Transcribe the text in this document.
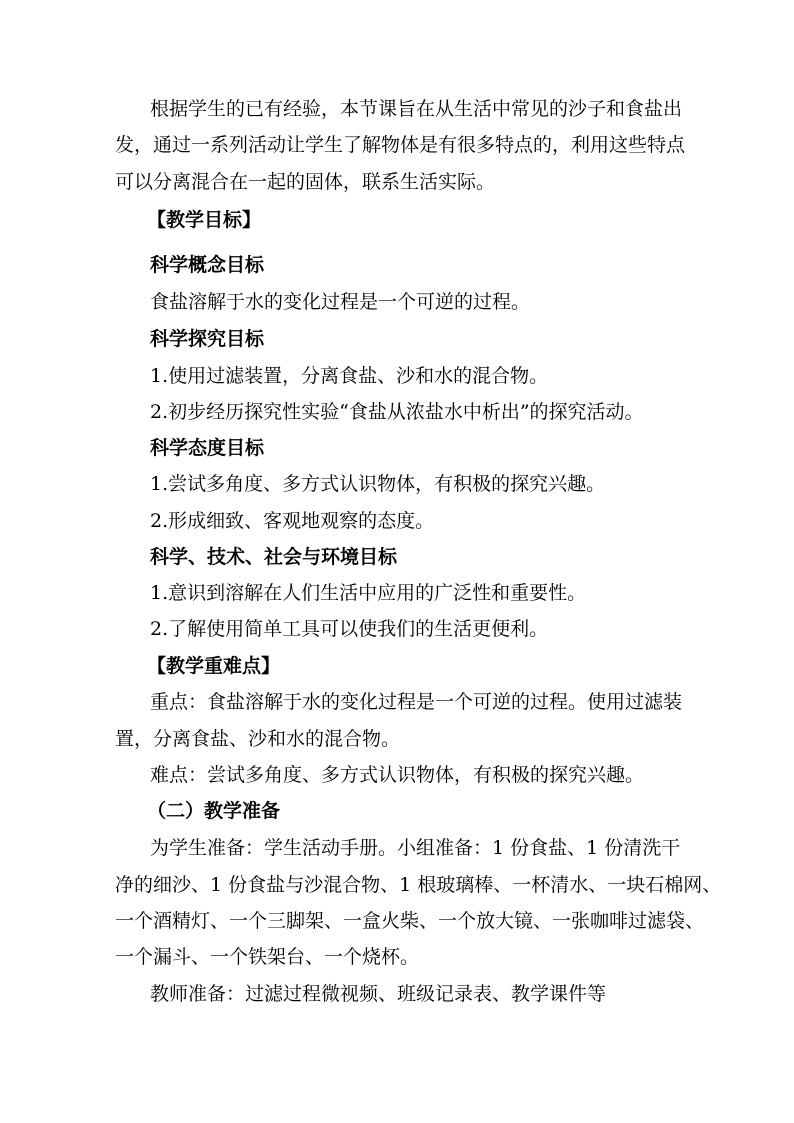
根据学生的已有经验，本节课旨在从生活中常见的沙子和食盐出
发，通过一系列活动让学生了解物体是有很多特点的，利用这些特点
可以分离混合在一起的固体，联系生活实际。
【教学目标】
科学概念目标
食盐溶解于水的变化过程是一个可逆的过程。
科学探究目标
1.使用过滤装置，分离食盐、沙和水的混合物。
2.初步经历探究性实验“食盐从浓盐水中析出”的探究活动。
科学态度目标
1.尝试多角度、多方式认识物体，有积极的探究兴趣。
2.形成细致、客观地观察的态度。
科学、技术、社会与环境目标
1.意识到溶解在人们生活中应用的广泛性和重要性。
2.了解使用简单工具可以使我们的生活更便利。
【教学重难点】
重点：食盐溶解于水的变化过程是一个可逆的过程。使用过滤装
置，分离食盐、沙和水的混合物。
难点：尝试多角度、多方式认识物体，有积极的探究兴趣。
（二）教学准备
为学生准备：学生活动手册。小组准备：1 份食盐、1 份清洗干
净的细沙、1 份食盐与沙混合物、1 根玻璃棒、一杯清水、一块石棉网、
一个酒精灯、一个三脚架、一盒火柴、一个放大镜、一张咖啡过滤袋、
一个漏斗、一个铁架台、一个烧杯。
教师准备：过滤过程微视频、班级记录表、教学课件等
